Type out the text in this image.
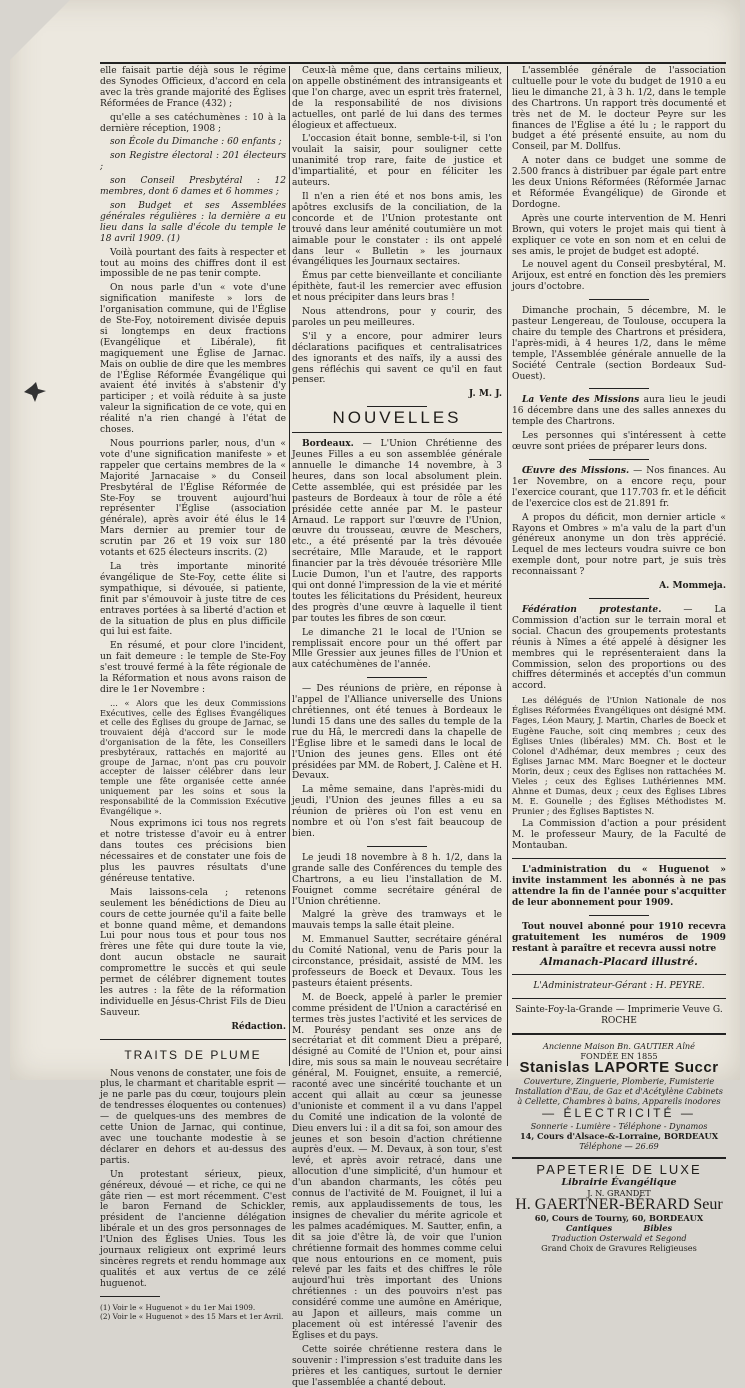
elle faisait partie déjà sous le régime des Synodes Officieux, d'accord en cela avec la très grande majorité des Églises Réformées de France (432) ;

qu'elle a ses catéchumènes : 10 à la dernière réception, 1908 ;

son École du Dimanche : 60 enfants ;

son Registre électoral : 201 électeurs ;

son Conseil Presbytéral : 12 membres, dont 6 dames et 6 hommes ;

son Budget et ses Assemblées générales régulières : la dernière a eu lieu dans la salle d'école du temple le 18 avril 1909. (1)

Voilà pourtant des faits à respecter et tout au moins des chiffres dont il est impossible de ne pas tenir compte.

On nous parle d'un « vote d'une signification manifeste » lors de l'organisation commune, qui de l'Église de Ste-Foy, notoirement divisée depuis si longtemps en deux fractions (Evangélique et Libérale), fit magiquement une Église de Jarnac. Mais on oublie de dire que les membres de l'Église Réformée Évangélique qui avaient été invités à s'abstenir d'y participer ; et voilà réduite à sa juste valeur la signification de ce vote, qui en réalité n'a rien changé à l'état de choses.

Nous pourrions parler, nous, d'un « vote d'une signification manifeste » et rappeler que certains membres de la « Majorité Jarnacaise » du Conseil Presbytéral de l'Église Réformée de Ste-Foy se trouvent aujourd'hui représenter l'Église (association générale), après avoir été élus le 14 Mars dernier au premier tour de scrutin par 26 et 19 voix sur 180 votants et 625 électeurs inscrits. (2)

La très importante minorité évangélique de Ste-Foy, cette élite si sympathique, si dévouée, si patiente, finit par s'émouvoir à juste titre de ces entraves portées à sa liberté d'action et de la situation de plus en plus difficile qui lui est faite.

En résumé, et pour clore l'incident, un fait demeure : le temple de Ste-Foy s'est trouvé fermé à la fête régionale de la Réformation et nous avons raison de dire le 1er Novembre :

... « Alors que les deux Commissions Exécutives, celle des Églises Évangéliques et celle des Églises du groupe de Jarnac, se trouvaient déjà d'accord sur le mode d'organisation de la fête, les Conseillers presbytéraux, rattachés en majorité au groupe de Jarnac, n'ont pas cru pouvoir accepter de laisser célébrer dans leur temple une fête organisée cette année uniquement par les soins et sous la responsabilité de la Commission Exécutive Évangélique ».

Nous exprimons ici tous nos regrets et notre tristesse d'avoir eu à entrer dans toutes ces précisions bien nécessaires et de constater une fois de plus les pauvres résultats d'une généreuse tentative.

Mais laissons-cela ; retenons seulement les bénédictions de Dieu au cours de cette journée qu'il a faite belle et bonne quand même, et demandons Lui pour nous tous et pour tous nos frères une fête qui dure toute la vie, dont aucun obstacle ne saurait compromettre le succès et qui seule permet de célébrer dignement toutes les autres : la fête de la réformation individuelle en Jésus-Christ Fils de Dieu Sauveur.

Rédaction.

TRAITS DE PLUME

Nous venons de constater, une fois de plus, le charmant et charitable esprit — je ne parle pas du cœur, toujours plein de tendresses éloquentes ou contenues) — de quelques-uns des membres de cette Union de Jarnac, qui continue, avec une touchante modestie à se déclarer en dehors et au-dessus des partis.

Un protestant sérieux, pieux, généreux, dévoué — et riche, ce qui ne gâte rien — est mort récemment. C'est le baron Fernand de Schickler, président de l'ancienne délégation libérale et un des gros personnages de l'Union des Églises Unies. Tous les journaux religieux ont exprimé leurs sincères regrets et rendu hommage aux qualités et aux vertus de ce zélé huguenot.

(1) Voir le « Huguenot » du 1er Mai 1909.

(2) Voir le « Huguenot » des 15 Mars et 1er Avril.

Ceux-là même que, dans certains milieux, on appelle obstinément des intransigeants et que l'on charge, avec un esprit très fraternel, de la responsabilité de nos divisions actuelles, ont parlé de lui dans des termes élogieux et affectueux.

L'occasion était bonne, semble-t-il, si l'on voulait la saisir, pour souligner cette unanimité trop rare, faite de justice et d'impartialité, et pour en féliciter les auteurs.

Il n'en a rien été et nos bons amis, les apôtres exclusifs de la conciliation, de la concorde et de l'Union protestante ont trouvé dans leur aménité coutumière un mot aimable pour le constater : ils ont appelé dans leur « Bulletin » les journaux évangéliques les Journaux sectaires.

Émus par cette bienveillante et conciliante épithète, faut-il les remercier avec effusion et nous précipiter dans leurs bras !

Nous attendrons, pour y courir, des paroles un peu meilleures.

S'il y a encore, pour admirer leurs déclarations pacifiques et centralisatrices des ignorants et des naïfs, ily a aussi des gens réfléchis qui savent ce qu'il en faut penser.

J. M. J.

NOUVELLES

Bordeaux. — L'Union Chrétienne des Jeunes Filles a eu son assemblée générale annuelle le dimanche 14 novembre, à 3 heures, dans son local absolument plein. Cette assemblée, qui est présidée par les pasteurs de Bordeaux à tour de rôle a été présidée cette année par M. le pasteur Arnaud. Le rapport sur l'œuvre de l'Union, œuvre du trousseau, œuvre de Meschers, etc., a été présenté par la très dévouée secrétaire, Mlle Maraude, et le rapport financier par la très dévouée trésorière Mlle Lucie Dumon, l'un et l'autre, des rapports qui ont donné l'impression de la vie et mérité toutes les félicitations du Président, heureux des progrès d'une œuvre à laquelle il tient par toutes les fibres de son cœur.

Le dimanche 21 le local de l'Union se remplissait encore pour un thé offert par Mlle Gressier aux jeunes filles de l'Union et aux catéchumènes de l'année.

— Des réunions de prière, en réponse à l'appel de l'Alliance universelle des Unions chrétiennes, ont été tenues à Bordeaux le lundi 15 dans une des salles du temple de la rue du Hâ, le mercredi dans la chapelle de l'Église libre et le samedi dans le local de l'Union des jeunes gens. Elles ont été présidées par MM. de Robert, J. Calène et H. Devaux.

La même semaine, dans l'après-midi du jeudi, l'Union des jeunes filles a eu sa réunion de prières où l'on est venu en nombre et où l'on s'est fait beaucoup de bien.

Le jeudi 18 novembre à 8 h. 1/2, dans la grande salle des Conférences du temple des Chartrons, a eu lieu l'installation de M. Fouignet comme secrétaire général de l'Union chrétienne.

Malgré la grève des tramways et le mauvais temps la salle était pleine.

M. Emmanuel Sautter, secrétaire général du Comité National, venu de Paris pour la circonstance, présidait, assisté de MM. les professeurs de Boeck et Devaux. Tous les pasteurs étaient présents.

M. de Boeck, appelé à parler le premier comme président de l'Union a caractérisé en termes très justes l'activité et les services de M. Pourésy pendant ses onze ans de secrétariat et dit comment Dieu a préparé, désigné au Comité de l'Union et, pour ainsi dire, mis sous sa main le nouveau secrétaire général, M. Fouignet, ensuite, a remercié, raconté avec une sincérité touchante et un accent qui allait au cœur sa jeunesse d'unioniste et comment il a vu dans l'appel du Comité une indication de la volonté de Dieu envers lui : il a dit sa foi, son amour des jeunes et son besoin d'action chrétienne auprès d'eux. — M. Devaux, à son tour, s'est levé, et après avoir retracé, dans une allocution d'une simplicité, d'un humour et d'un abandon charmants, les côtés peu connus de l'activité de M. Fouignet, il lui a remis, aux applaudissements de tous, les insignes de chevalier du mérite agricole et les palmes académiques. M. Sautter, enfin, a dit sa joie d'être là, de voir que l'union chrétienne formait des hommes comme celui que nous entourions en ce moment, puis relevé par les faits et des chiffres le rôle aujourd'hui très important des Unions chrétiennes : un des pouvoirs n'est pas considéré comme une aumône en Amérique, au Japon et ailleurs, mais comme un placement où est intéressé l'avenir des Églises et du pays.

Cette soirée chrétienne restera dans le souvenir : l'impression s'est traduite dans les prières et les cantiques, surtout le dernier que l'assemblée a chanté debout.

L'assemblée générale de l'association cultuelle pour le vote du budget de 1910 a eu lieu le dimanche 21, à 3 h. 1/2, dans le temple des Chartrons. Un rapport très documenté et très net de M. le docteur Peyre sur les finances de l'Église a été lu ; le rapport du budget a été présenté ensuite, au nom du Conseil, par M. Dollfus.

A noter dans ce budget une somme de 2.500 francs à distribuer par égale part entre les deux Unions Réformées (Réformée Jarnac et Réformée Évangélique) de Gironde et Dordogne.

Après une courte intervention de M. Henri Brown, qui voters le projet mais qui tient à expliquer ce vote en son nom et en celui de ses amis, le projet de budget est adopté.

Le nouvel agent du Conseil presbytéral, M. Arijoux, est entré en fonction dès les premiers jours d'octobre.

Dimanche prochain, 5 décembre, M. le pasteur Lengereau, de Toulouse, occupera la chaire du temple des Chartrons et présidera, l'après-midi, à 4 heures 1/2, dans le même temple, l'Assemblée générale annuelle de la Société Centrale (section Bordeaux Sud-Ouest).

La Vente des Missions aura lieu le jeudi 16 décembre dans une des salles annexes du temple des Chartrons.

Les personnes qui s'intéressent à cette œuvre sont priées de préparer leurs dons.

Œuvre des Missions. — Nos finances. Au 1er Novembre, on a encore reçu, pour l'exercice courant, que 117.703 fr. et le déficit de l'exercice clos est de 21.891 fr.

A propos du déficit, mon dernier article « Rayons et Ombres » m'a valu de la part d'un généreux anonyme un don très apprécié. Lequel de mes lecteurs voudra suivre ce bon exemple dont, pour notre part, je suis très reconnaissant ?

A. Mommeja.

Fédération protestante. — La Commission d'action sur le terrain moral et social. Chacun des groupements protestants réunis à Nîmes a été appelé à désigner les membres qui le représenteraient dans la Commission, selon des proportions ou des chiffres déterminés et acceptés d'un commun accord.

Les délégués de l'Union Nationale de nos Églises Réformées Évangéliques ont désigné MM. Fages, Léon Maury, J. Martin, Charles de Boeck et Eugène Fauche, soit cinq membres ; ceux des Églises Unies (libérales) MM. Ch. Bost et le Colonel d'Adhémar, deux membres ; ceux des Églises Jarnac MM. Marc Boegner et le docteur Morin, deux ; ceux des Églises non rattachées M. Vieles ; ceux des Églises Luthériennes MM. Ahnne et Dumas, deux ; ceux des Églises Libres M. E. Gounelle ; des Églises Méthodistes M. Prunier ; des Églises Baptistes N.

La Commission d'action a pour président M. le professeur Maury, de la Faculté de Montauban.

L'administration du « Huguenot » invite instamment les abonnés à ne pas attendre la fin de l'année pour s'acquitter de leur abonnement pour 1909.

Tout nouvel abonné pour 1910 recevra gratuitement les numéros de 1909 restant à paraître et recevra aussi notre

Almanach-Placard illustré.

L'Administrateur-Gérant : H. PEYRE.

Sainte-Foy-la-Grande — Imprimerie Veuve G. ROCHE

Ancienne Maison Bn. GAUTIER Aîné

FONDÉE EN 1855

Stanislas LAPORTE Succr

Couverture, Zinguerie, Plomberie, Fumisterie Installation d'Eau, de Gaz et d'Acétylène Cabinets à Cellette, Chambres à bains, Appareils inodores

— ÉLECTRICITÉ —

Sonnerie - Lumière - Téléphone - Dynamos

14, Cours d'Alsace-&-Lorraine, BORDEAUX

Téléphone — 26.69

PAPETERIE DE LUXE

Librairie Évangélique

J. N. GRANDET

H. GAERTNER-BÉRARD Seur

60, Cours de Tourny, 60, BORDEAUX

Cantiques           Bibles

Traduction Osterwald et Segond

Grand Choix de Gravures Religieuses
